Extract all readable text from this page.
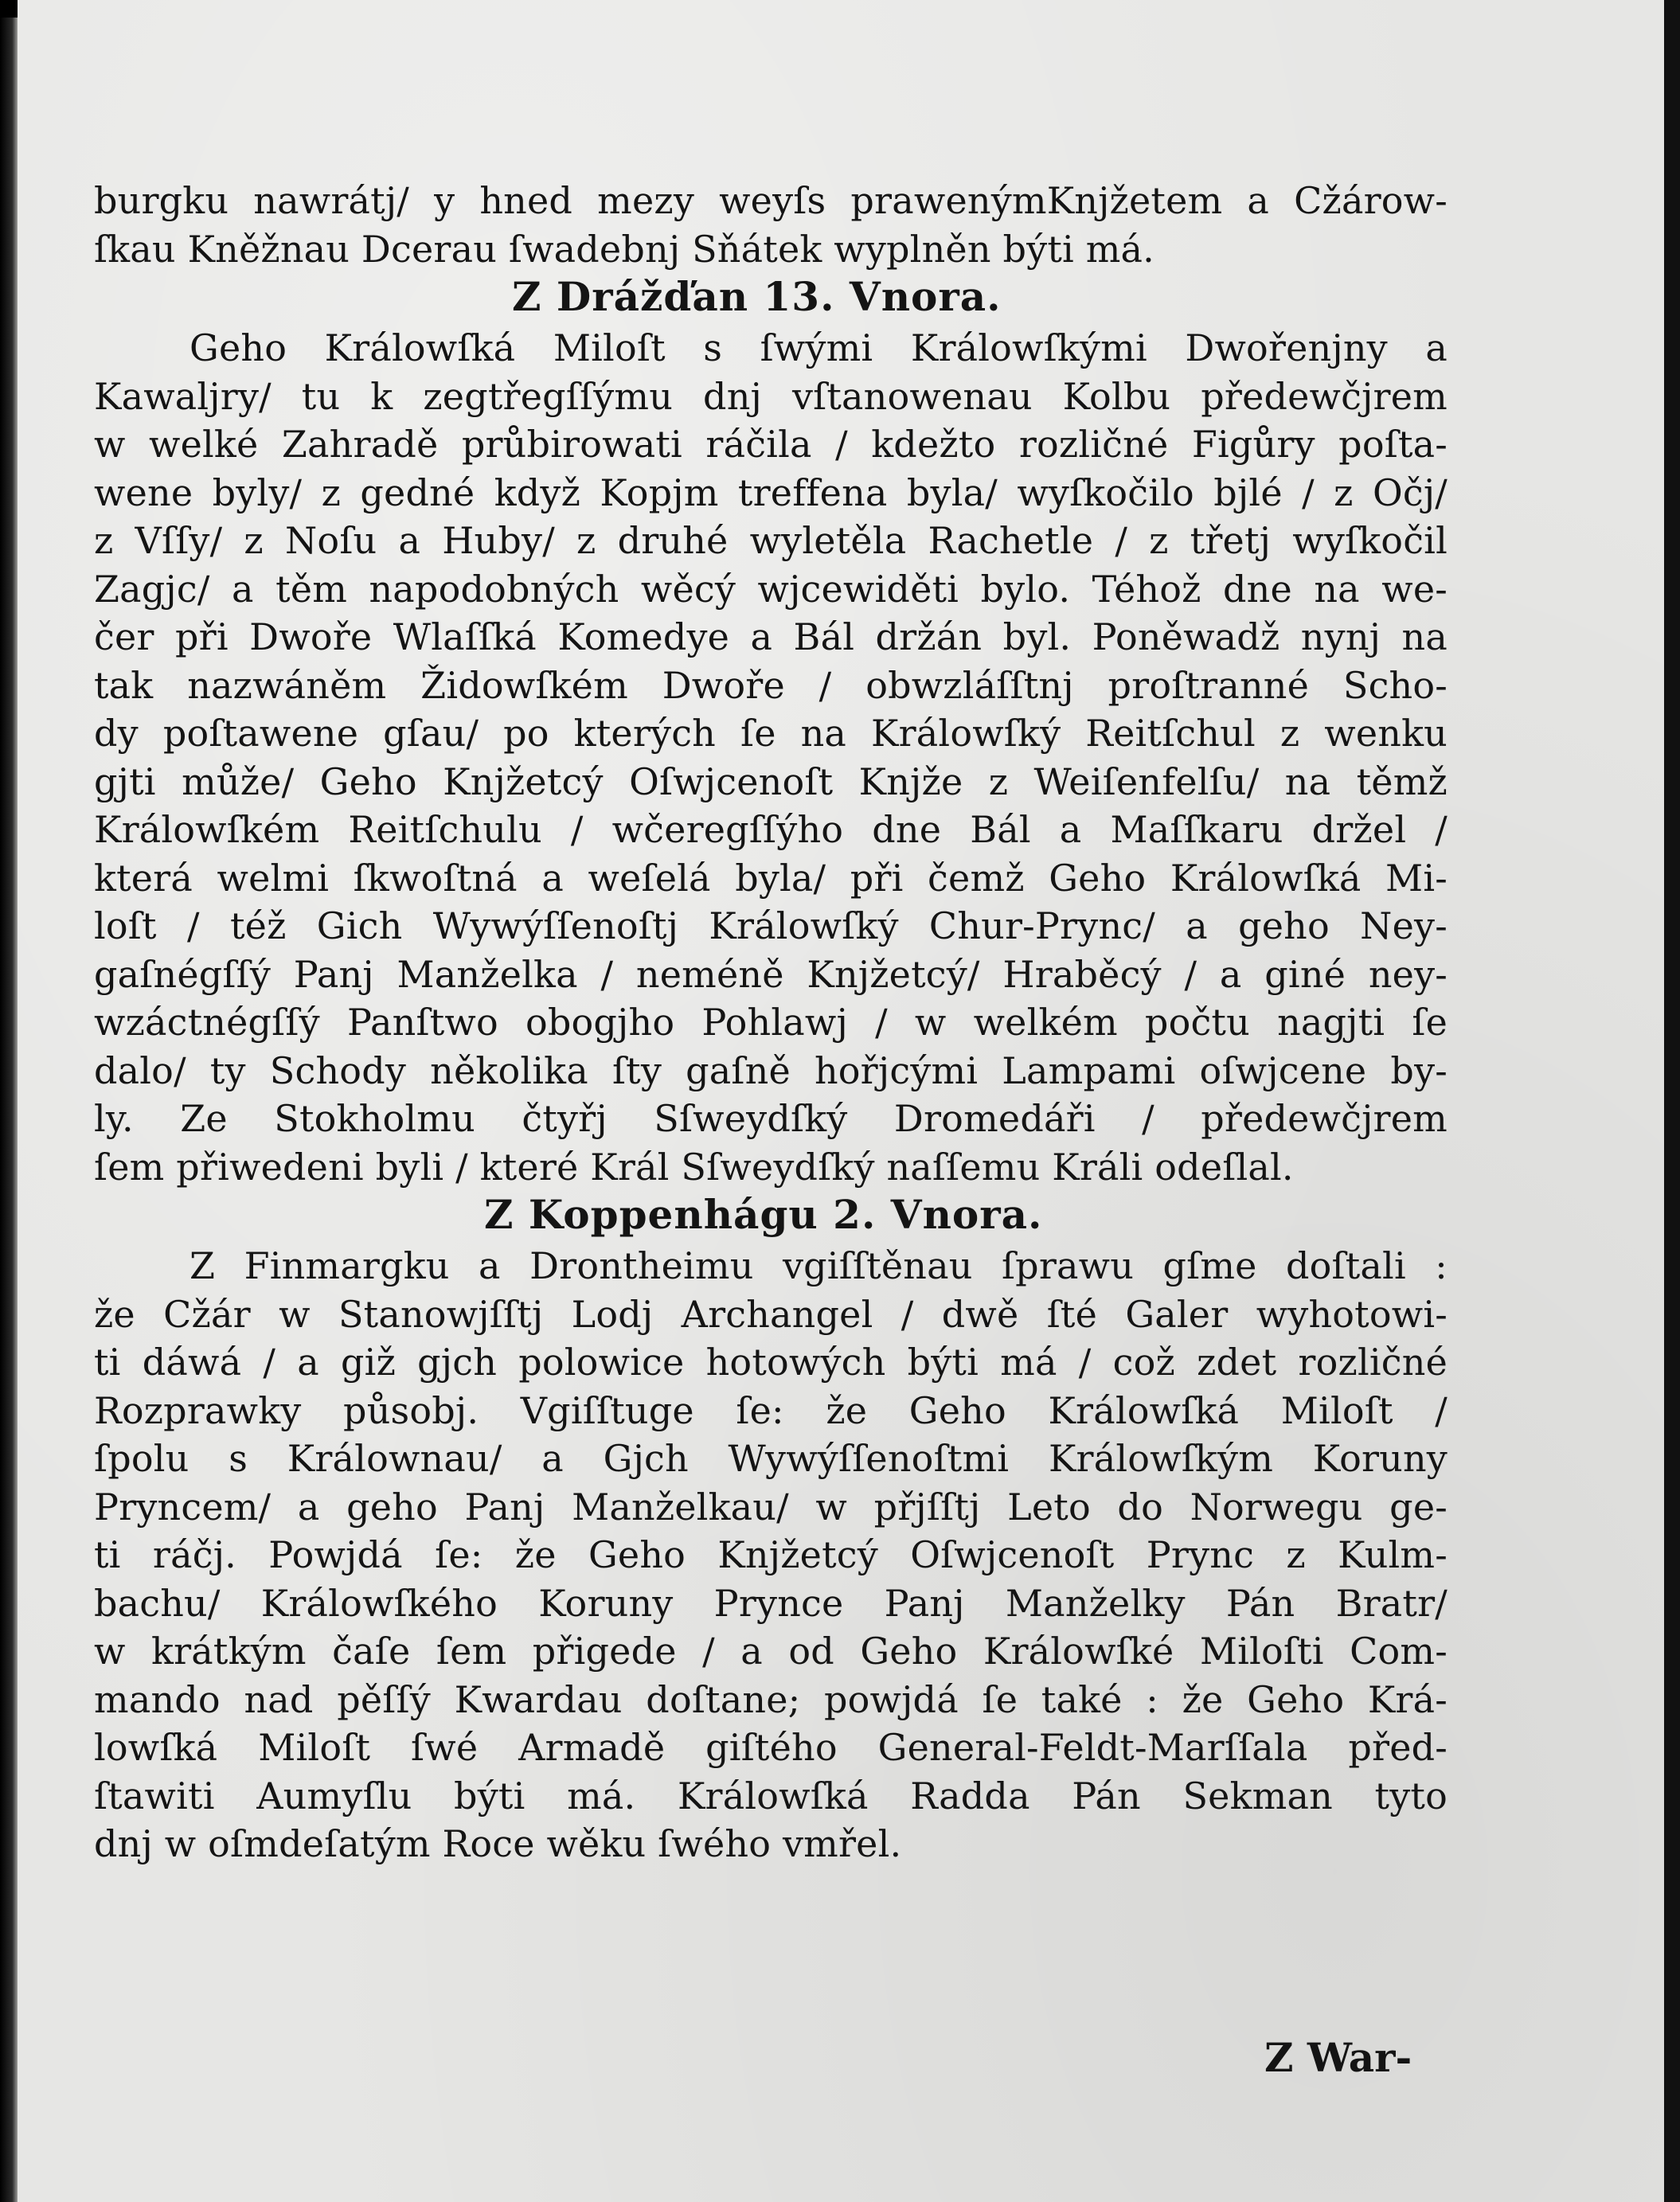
burgku nawrátj/ y hned mezy weyſs prawenýmKnjžetem a Cžárow-
ſkau Kněžnau Dcerau ſwadebnj Sňátek wyplněn býti má.
Z Drážďan 13. Vnora.
Geho Králowſká Miloſt s ſwými Králowſkými Dwořenjny a
Kawaljry/ tu k zegtřegſſýmu dnj vſtanowenau Kolbu předewčjrem
w welké Zahradě průbirowati ráčila / kdežto rozličné Figůry poſta-
wene byly/ z gedné když Kopjm treffena byla/ wyſkočilo bjlé / z Očj/
z Vſſy/ z Noſu a Huby/ z druhé wyletěla Rachetle / z třetj wyſkočil
Zagjc/ a těm napodobných wěcý wjcewiděti bylo. Téhož dne na we-
čer při Dwořе Wlaſſká Komedye a Bál držán byl. Poněwadž nynj na
tak nazwáněm Židowſkém Dwoře / obwzláſſtnj proſtranné Scho-
dy poſtawene gſau/ po kterých ſe na Králowſký Reitſchul z wenku
gjti může/ Geho Knjžetcý Oſwjcenoſt Knjže z Weiſenfelſu/ na těmž
Králowſkém Reitſchulu / wčeregſſýho dne Bál a Maſſkaru držel /
která welmi ſkwoſtná a weſelá byla/ při čemž Geho Králowſká Mi-
loſt / též Gich Wywýſſenoſtj Králowſký Chur-Prync/ a geho Ney-
gaſnégſſý Panj Manželka / neméně Knjžetcý/ Hraběcý / a giné ney-
wzáctnégſſý Panſtwo obogjho Pohlawj / w welkém počtu nagjti ſe
dalo/ ty Schody několika ſty gaſně hořjcými Lampami oſwjcene by-
ly. Ze Stokholmu čtyřj Sſweydſký Dromedáři / předewčjrem
ſem přiwedeni byli / které Král Sſweydſký naſſemu Králi odeſlal.
Z Koppenhágu 2. Vnora.
Z Finmargku a Drontheimu vgiſſtěnau ſprawu gſme doſtali :
že Cžár w Stanowjſſtj Lodj Archangel / dwě ſté Galer wyhotowi-
ti dáwá / a giž gjch polowice hotowých býti má / což zdet rozličné
Rozprawky působj. Vgiſſtuge ſe: že Geho Králowſká Miloſt /
ſpolu s Králownau/ a Gjch Wywýſſenoſtmi Králowſkým Koruny
Pryncem/ a geho Panj Manželkau/ w přjſſtj Leto do Norwegu ge-
ti ráčj. Powjdá ſe: že Geho Knjžetcý Oſwjcenoſt Prync z Kulm-
bachu/ Králowſkého Koruny Prynce Panj Manželky Pán Bratr/
w krátkým čaſe ſem přigede / a od Geho Králowſké Miloſti Com-
mando nad pěſſý Kwardau doſtane; powjdá ſe také : že Geho Krá-
lowſká Miloſt ſwé Armadě giſtého General-Feldt-Marſſala před-
ſtawiti Aumyſlu býti má. Králowſká Radda Pán Sekman tyto
dnj w oſmdeſatým Roce wěku ſwého vmřel.
Z War-
